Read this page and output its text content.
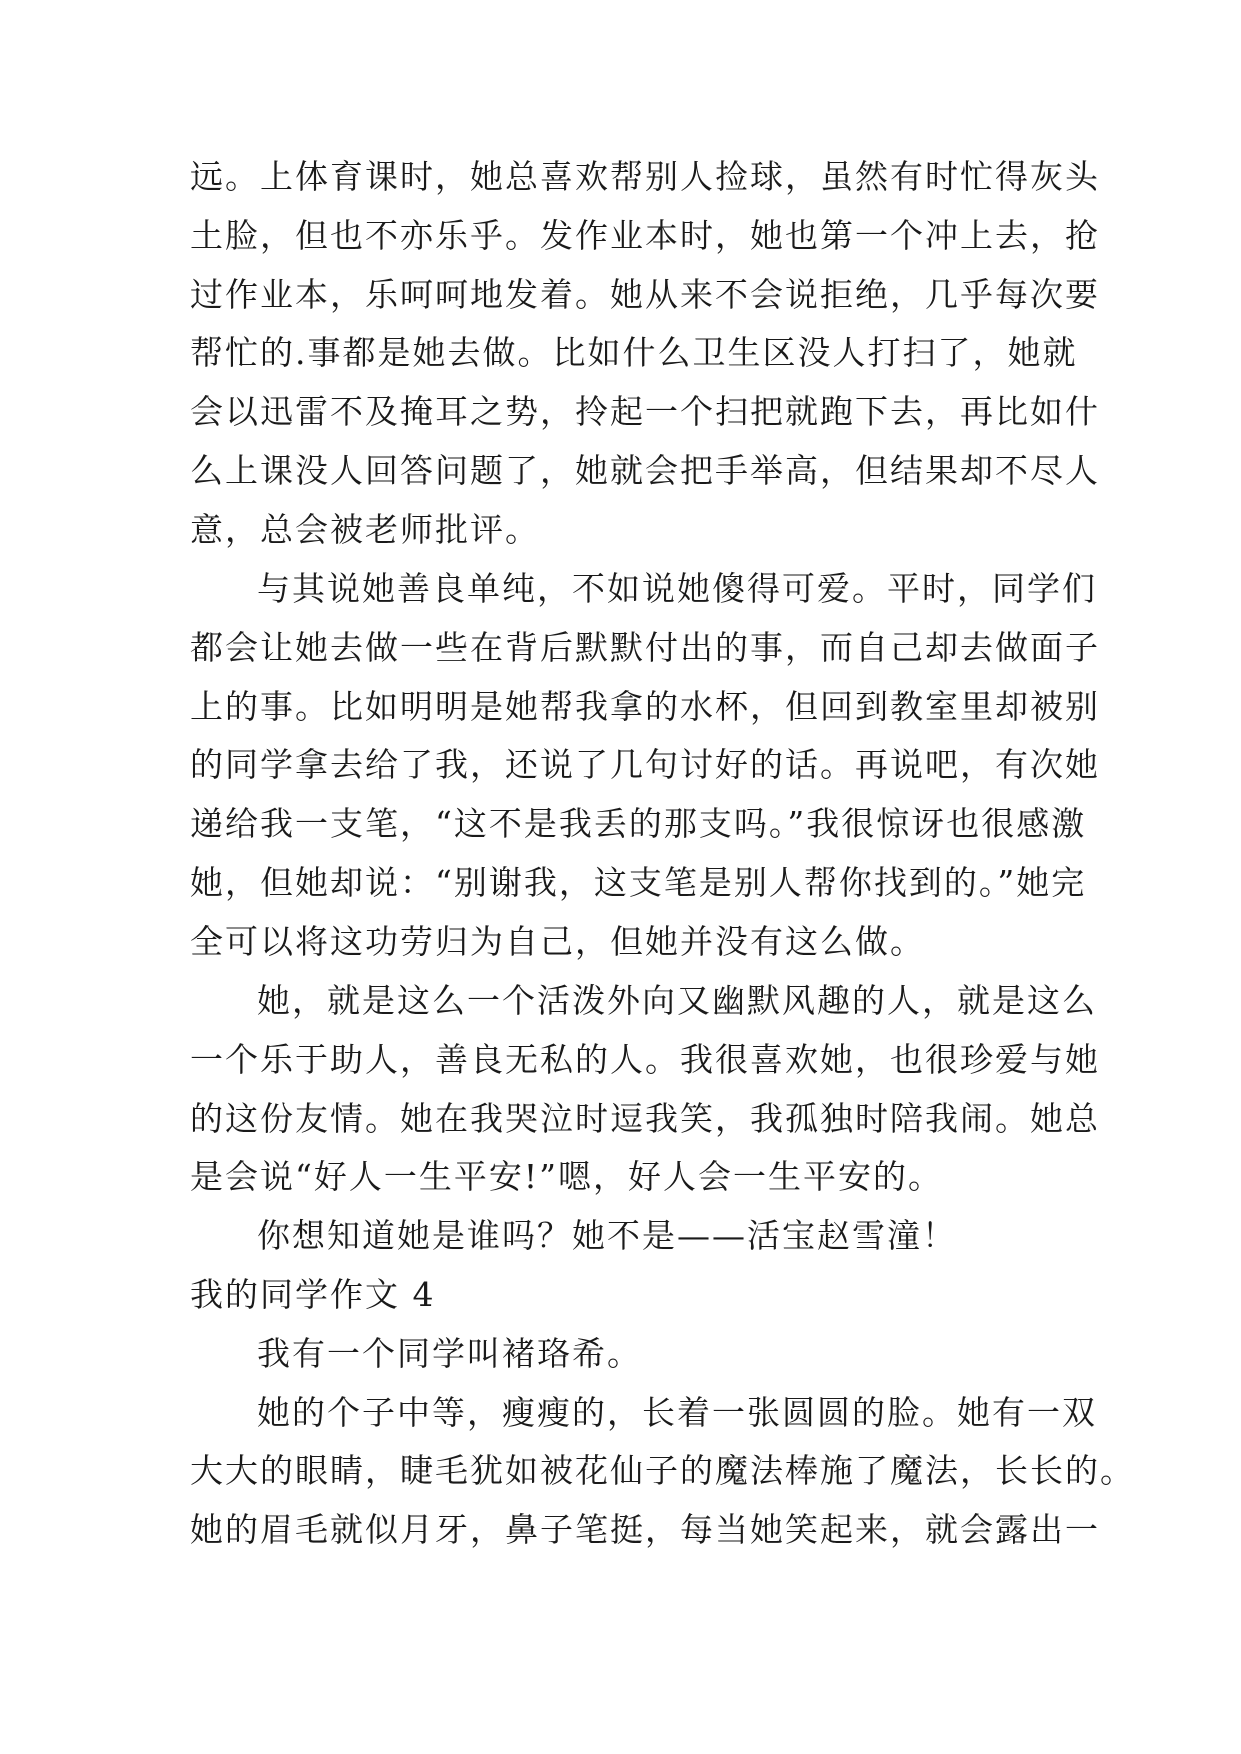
远。上体育课时，她总喜欢帮别人捡球，虽然有时忙得灰头
土脸，但也不亦乐乎。发作业本时，她也第一个冲上去，抢
过作业本，乐呵呵地发着。她从来不会说拒绝，几乎每次要
帮忙的.事都是她去做。比如什么卫生区没人打扫了，她就
会以迅雷不及掩耳之势，拎起一个扫把就跑下去，再比如什
么上课没人回答问题了，她就会把手举高，但结果却不尽人
意，总会被老师批评。
与其说她善良单纯，不如说她傻得可爱。平时，同学们
都会让她去做一些在背后默默付出的事，而自己却去做面子
上的事。比如明明是她帮我拿的水杯，但回到教室里却被别
的同学拿去给了我，还说了几句讨好的话。再说吧，有次她
递给我一支笔，“这不是我丢的那支吗。”我很惊讶也很感激
她，但她却说：“别谢我，这支笔是别人帮你找到的。”她完
全可以将这功劳归为自己，但她并没有这么做。
她，就是这么一个活泼外向又幽默风趣的人，就是这么
一个乐于助人，善良无私的人。我很喜欢她，也很珍爱与她
的这份友情。她在我哭泣时逗我笑，我孤独时陪我闹。她总
是会说“好人一生平安!”嗯，好人会一生平安的。
你想知道她是谁吗？她不是——活宝赵雪潼！
我的同学作文 4
我有一个同学叫褚珞希。
她的个子中等，瘦瘦的，长着一张圆圆的脸。她有一双
大大的眼睛，睫毛犹如被花仙子的魔法棒施了魔法，长长的。
她的眉毛就似月牙，鼻子笔挺，每当她笑起来，就会露出一
